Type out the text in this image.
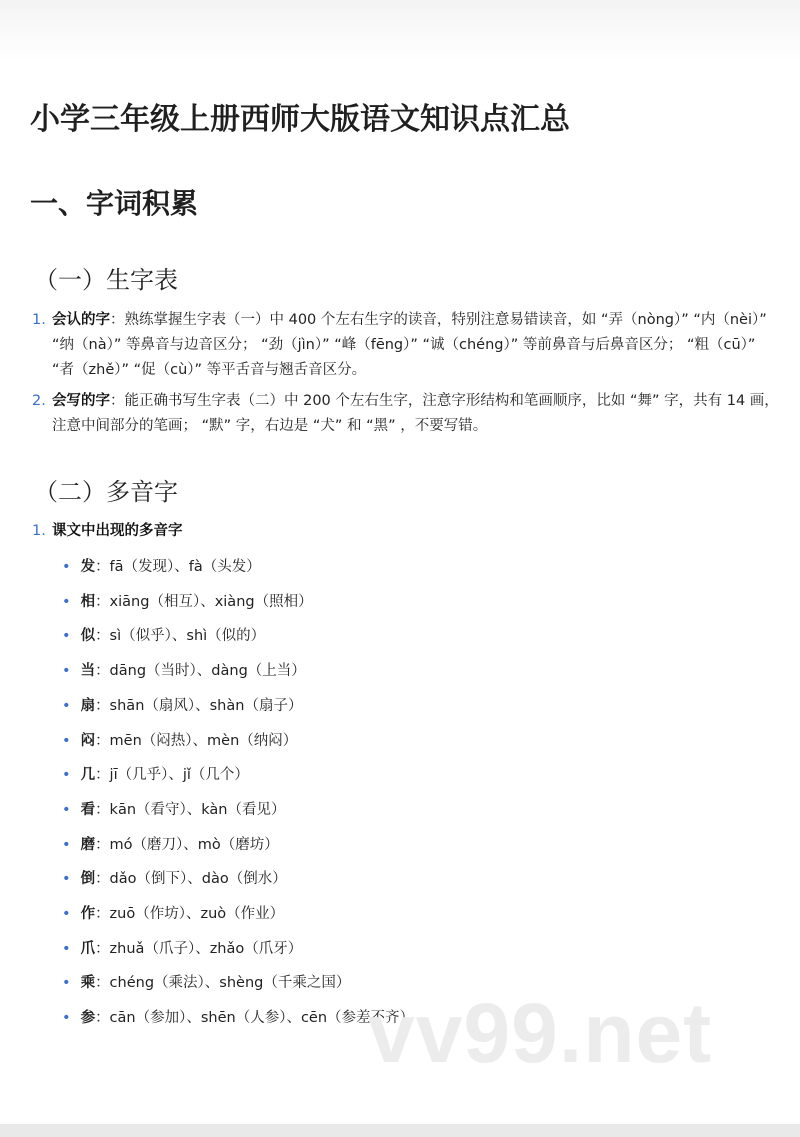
小学三年级上册西师大版语文知识点汇总
一、字词积累
（一）生字表
1. 会认的字：熟练掌握生字表（一）中 400 个左右生字的读音，特别注意易错读音，如 “弄（nòng）” “内（nèi）” “纳（nà）” 等鼻音与边音区分； “劲（jìn）” “峰（fēng）” “诚（chéng）” 等前鼻音与后鼻音区分； “粗（cū）” “者（zhě）” “促（cù）” 等平舌音与翘舌音区分。
2. 会写的字：能正确书写生字表（二）中 200 个左右生字，注意字形结构和笔画顺序，比如 “舞” 字，共有 14 画，注意中间部分的笔画； “默” 字，右边是 “犬” 和 “黑” ，不要写错。
（二）多音字
1. 课文中出现的多音字
• 发：fā（发现）、fà（头发）
• 相：xiāng（相互）、xiàng（照相）
• 似：sì（似乎）、shì（似的）
• 当：dāng（当时）、dàng（上当）
• 扇：shān（扇风）、shàn（扇子）
• 闷：mēn（闷热）、mèn（纳闷）
• 几：jī（几乎）、jǐ（几个）
• 看：kān（看守）、kàn（看见）
• 磨：mó（磨刀）、mò（磨坊）
• 倒：dǎo（倒下）、dào（倒水）
• 作：zuō（作坊）、zuò（作业）
• 爪：zhuǎ（爪子）、zhǎo（爪牙）
• 乘：chéng（乘法）、shèng（千乘之国）
• 参：cān（参加）、shēn（人参）、cēn（参差不齐）
vv99.net
